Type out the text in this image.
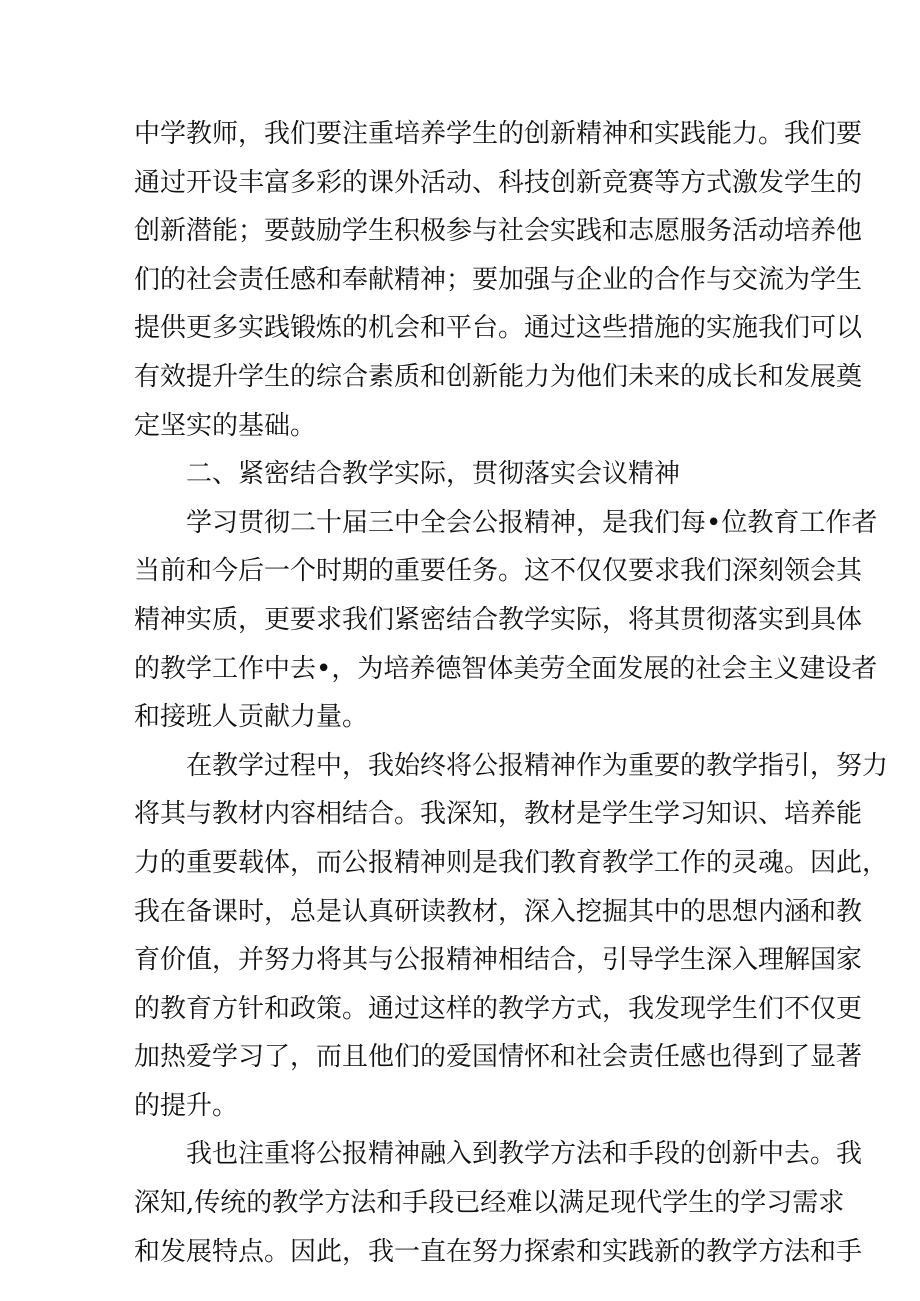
中学教师，我们要注重培养学生的创新精神和实践能力。我们要
通过开设丰富多彩的课外活动、科技创新竞赛等方式激发学生的
创新潜能；要鼓励学生积极参与社会实践和志愿服务活动培养他
们的社会责任感和奉献精神；要加强与企业的合作与交流为学生
提供更多实践锻炼的机会和平台。通过这些措施的实施我们可以
有效提升学生的综合素质和创新能力为他们未来的成长和发展奠
定坚实的基础。
二、紧密结合教学实际，贯彻落实会议精神
学习贯彻二十届三中全会公报精神，是我们每•位教育工作者
当前和今后一个时期的重要任务。这不仅仅要求我们深刻领会其
精神实质，更要求我们紧密结合教学实际，将其贯彻落实到具体
的教学工作中去•，为培养德智体美劳全面发展的社会主义建设者
和接班人贡献力量。
在教学过程中，我始终将公报精神作为重要的教学指引，努力
将其与教材内容相结合。我深知，教材是学生学习知识、培养能
力的重要载体，而公报精神则是我们教育教学工作的灵魂。因此，
我在备课时，总是认真研读教材，深入挖掘其中的思想内涵和教
育价值，并努力将其与公报精神相结合，引导学生深入理解国家
的教育方针和政策。通过这样的教学方式，我发现学生们不仅更
加热爱学习了，而且他们的爱国情怀和社会责任感也得到了显著
的提升。
我也注重将公报精神融入到教学方法和手段的创新中去。我
深知,传统的教学方法和手段已经难以满足现代学生的学习需求
和发展特点。因此，我一直在努力探索和实践新的教学方法和手
